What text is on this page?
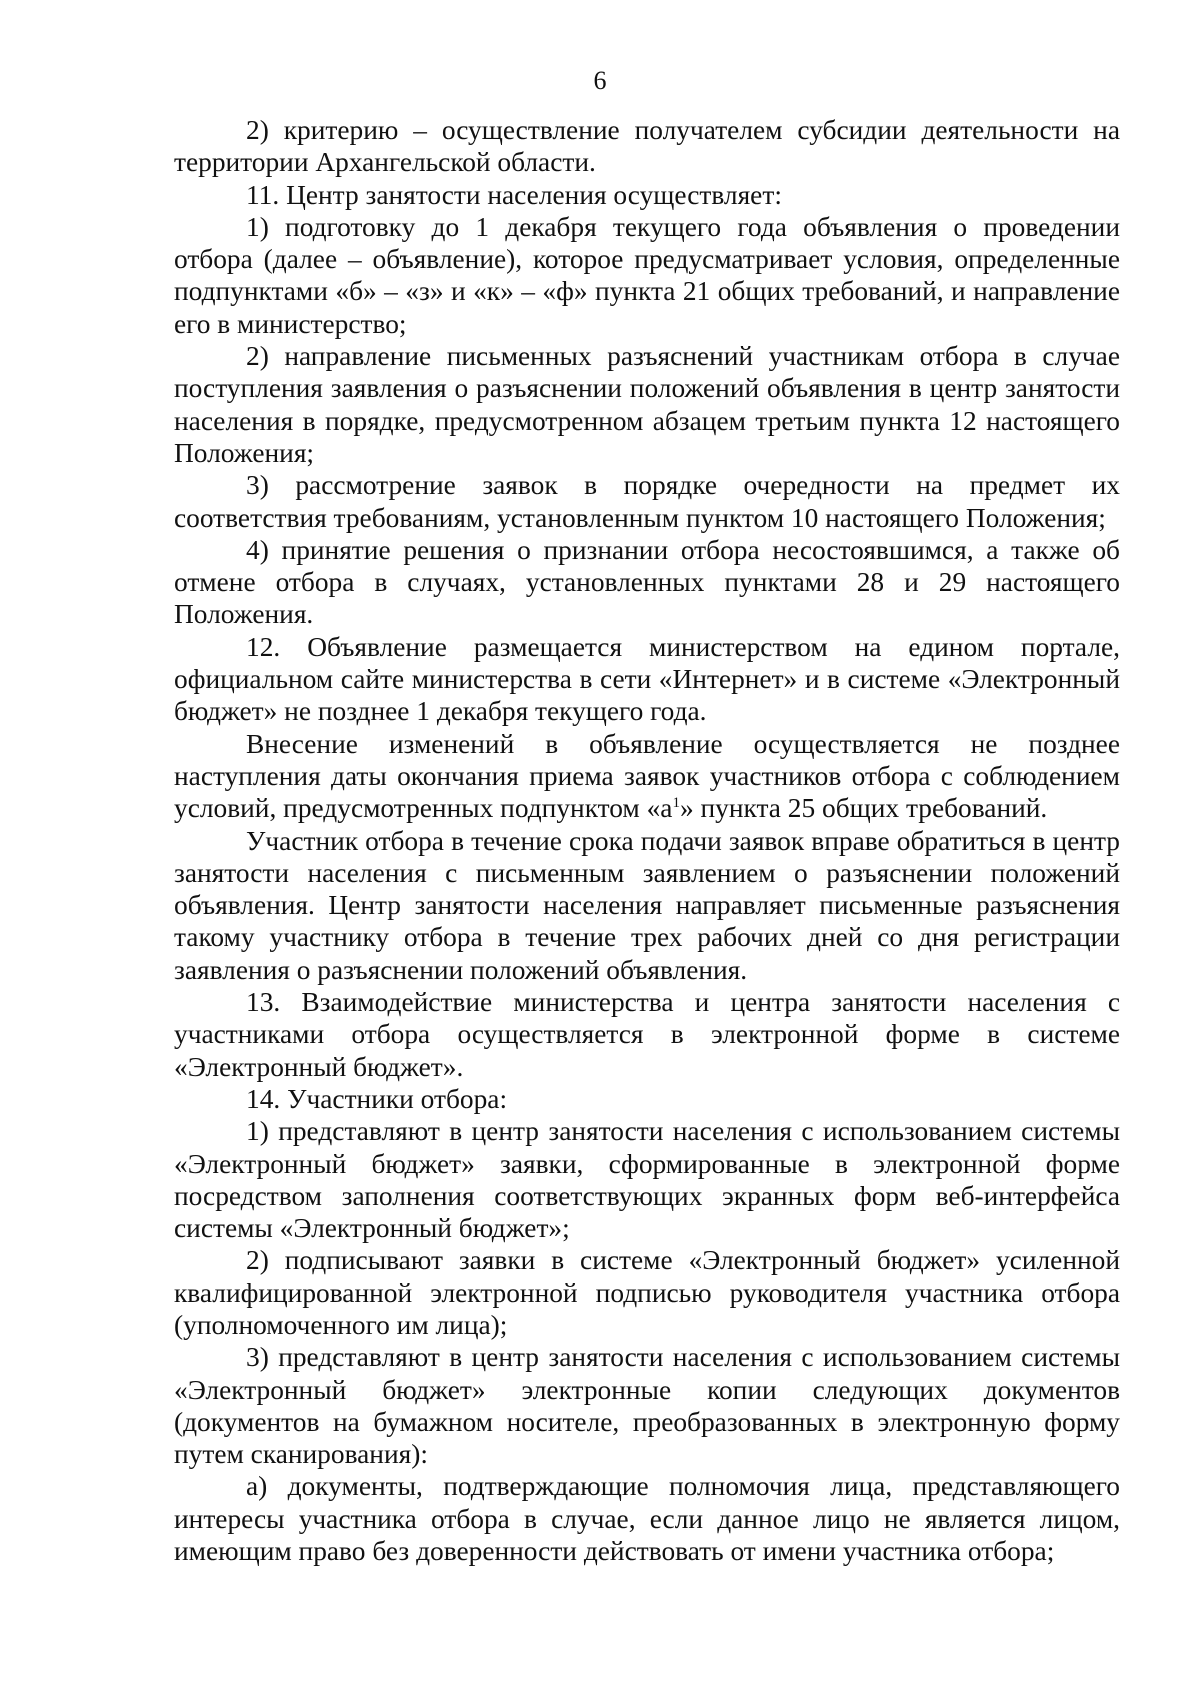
6

2) критерию – осуществление получателем субсидии деятельности на территории Архангельской области.

11. Центр занятости населения осуществляет:

1) подготовку до 1 декабря текущего года объявления о проведении отбора (далее – объявление), которое предусматривает условия, определенные подпунктами «б» – «з» и «к» – «ф» пункта 21 общих требований, и направление его в министерство;

2) направление письменных разъяснений участникам отбора в случае поступления заявления о разъяснении положений объявления в центр занятости населения в порядке, предусмотренном абзацем третьим пункта 12 настоящего Положения;

3) рассмотрение заявок в порядке очередности на предмет их соответствия требованиям, установленным пунктом 10 настоящего Положения;

4) принятие решения о признании отбора несостоявшимся, а также об отмене отбора в случаях, установленных пунктами 28 и 29 настоящего Положения.

12. Объявление размещается министерством на едином портале, официальном сайте министерства в сети «Интернет» и в системе «Электронный бюджет» не позднее 1 декабря текущего года.

Внесение изменений в объявление осуществляется не позднее наступления даты окончания приема заявок участников отбора с соблюдением условий, предусмотренных подпунктом «$а^1$» пункта 25 общих требований.

Участник отбора в течение срока подачи заявок вправе обратиться в центр занятости населения с письменным заявлением о разъяснении положений объявления. Центр занятости населения направляет письменные разъяснения такому участнику отбора в течение трех рабочих дней со дня регистрации заявления о разъяснении положений объявления.

13. Взаимодействие министерства и центра занятости населения с участниками отбора осуществляется в электронной форме в системе «Электронный бюджет».

14. Участники отбора:

1) представляют в центр занятости населения с использованием системы «Электронный бюджет» заявки, сформированные в электронной форме посредством заполнения соответствующих экранных форм веб-интерфейса системы «Электронный бюджет»;

2) подписывают заявки в системе «Электронный бюджет» усиленной квалифицированной электронной подписью руководителя участника отбора (уполномоченного им лица);

3) представляют в центр занятости населения с использованием системы «Электронный бюджет» электронные копии следующих документов (документов на бумажном носителе, преобразованных в электронную форму путем сканирования):

а) документы, подтверждающие полномочия лица, представляющего интересы участника отбора в случае, если данное лицо не является лицом, имеющим право без доверенности действовать от имени участника отбора;
